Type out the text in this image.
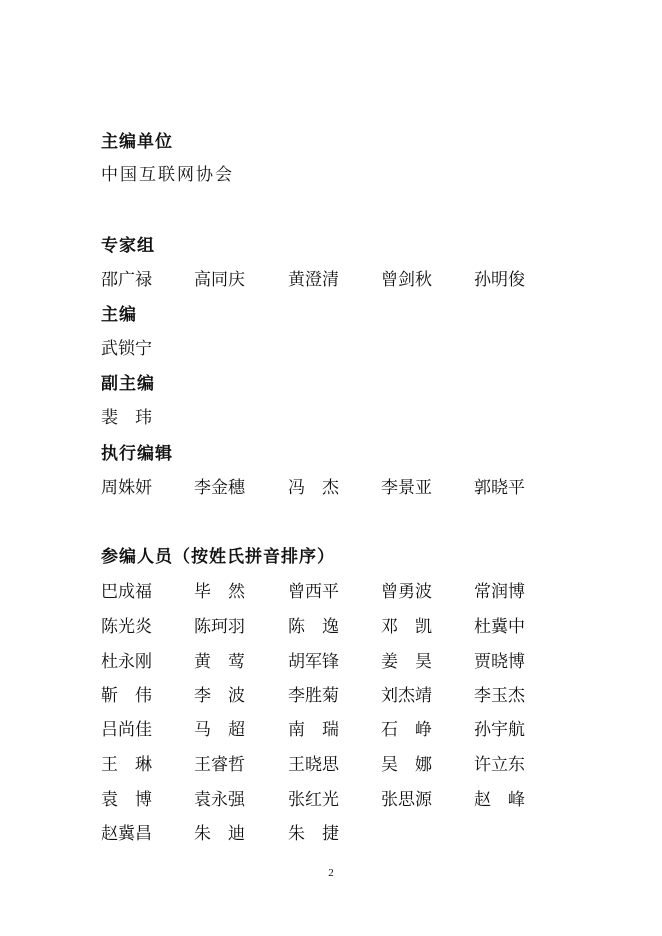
主编单位
中国互联网协会
专家组
邵广禄 高同庆	黄澄清 曾剑秋 孙明俊
主编
武锁宁
副主编
裴　玮
执行编辑
周姝妍 李金穗	冯　杰 李景亚 郭晓平
参编人员（按姓氏拼音排序）
巴成福 毕　然	曾西平 曾勇波 常润博
陈光炎 陈珂羽	陈　逸 邓　凯 杜冀中
杜永刚 黄　莺	胡军锋 姜　昊 贾晓博
靳　伟 李　波	李胜菊 刘杰靖 李玉杰
吕尚佳 马　超	南　瑞 石　峥 孙宇航
王　琳 王睿哲	王晓思 吴　娜 许立东
袁　博 袁永强	张红光 张思源 赵　峰
赵冀昌 朱　迪	朱　捷
2
